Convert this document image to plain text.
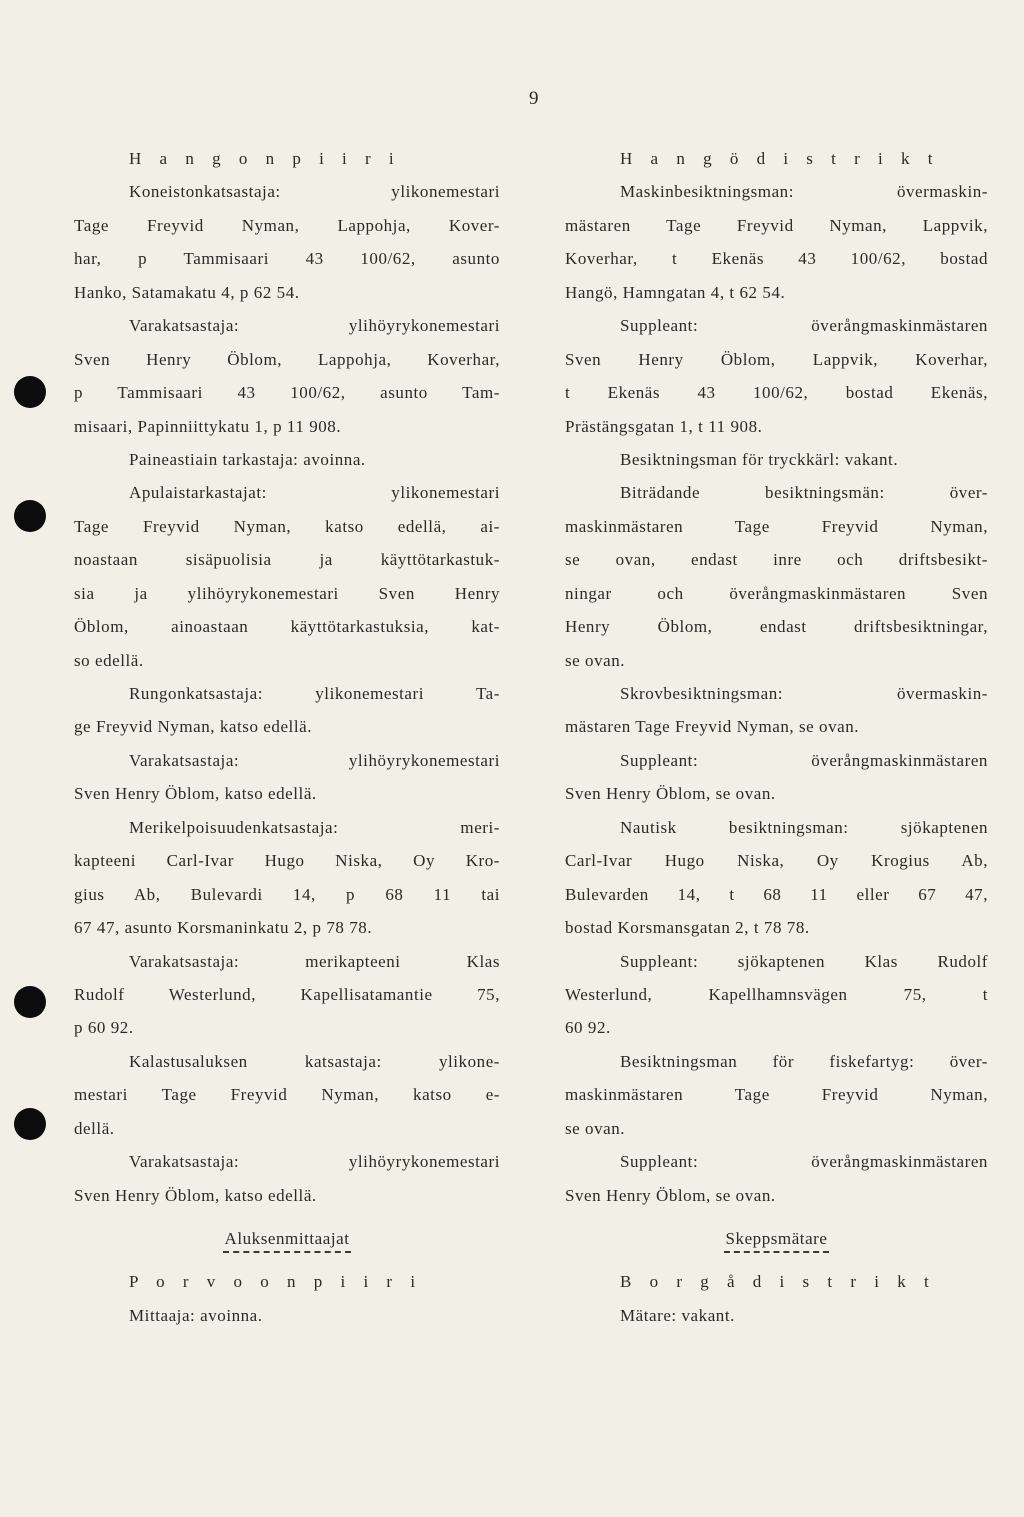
9
H a n g o n p i i r i
Koneistonkatsastaja: ylikonemestari
Tage Freyvid Nyman, Lappohja, Kover-
har, p Tammisaari 43 100/62, asunto
Hanko, Satamakatu 4, p 62 54.
Varakatsastaja: ylihöyrykonemestari
Sven Henry Öblom, Lappohja, Koverhar,
p Tammisaari 43 100/62, asunto Tam-
misaari, Papinniittykatu 1, p 11 908.
Paineastiain tarkastaja: avoinna.
Apulaistarkastajat: ylikonemestari
Tage Freyvid Nyman, katso edellä, ai-
noastaan sisäpuolisia ja käyttötarkastuk-
sia ja ylihöyrykonemestari Sven Henry
Öblom, ainoastaan käyttötarkastuksia, kat-
so edellä.
Rungonkatsastaja: ylikonemestari Ta-
ge Freyvid Nyman, katso edellä.
Varakatsastaja: ylihöyrykonemestari
Sven Henry Öblom, katso edellä.
Merikelpoisuudenkatsastaja: meri-
kapteeni Carl-Ivar Hugo Niska, Oy Kro-
gius Ab, Bulevardi 14, p 68 11 tai
67 47, asunto Korsmaninkatu 2, p 78 78.
Varakatsastaja: merikapteeni Klas
Rudolf Westerlund, Kapellisatamantie 75,
p 60 92.
Kalastusaluksen katsastaja: ylikone-
mestari Tage Freyvid Nyman, katso e-
dellä.
Varakatsastaja: ylihöyrykonemestari
Sven Henry Öblom, katso edellä.
Aluksenmittaajat
P o r v o o n p i i r i
Mittaaja: avoinna.
H a n g ö d i s t r i k t
Maskinbesiktningsman: övermaskin-
mästaren Tage Freyvid Nyman, Lappvik,
Koverhar, t Ekenäs 43 100/62, bostad
Hangö, Hamngatan 4, t 62 54.
Suppleant: överångmaskinmästaren
Sven Henry Öblom, Lappvik, Koverhar,
t Ekenäs 43 100/62, bostad Ekenäs,
Prästängsgatan 1, t 11 908.
Besiktningsman för tryckkärl: vakant.
Biträdande besiktningsmän: över-
maskinmästaren Tage Freyvid Nyman,
se ovan, endast inre och driftsbesikt-
ningar och överångmaskinmästaren Sven
Henry Öblom, endast driftsbesiktningar,
se ovan.
Skrovbesiktningsman: övermaskin-
mästaren Tage Freyvid Nyman, se ovan.
Suppleant: överångmaskinmästaren
Sven Henry Öblom, se ovan.
Nautisk besiktningsman: sjökaptenen
Carl-Ivar Hugo Niska, Oy Krogius Ab,
Bulevarden 14, t 68 11 eller 67 47,
bostad Korsmansgatan 2, t 78 78.
Suppleant: sjökaptenen Klas Rudolf
Westerlund, Kapellhamnsvägen 75, t
60 92.
Besiktningsman för fiskefartyg: över-
maskinmästaren Tage Freyvid Nyman,
se ovan.
Suppleant: överångmaskinmästaren
Sven Henry Öblom, se ovan.
Skeppsmätare
B o r g å d i s t r i k t
Mätare: vakant.
